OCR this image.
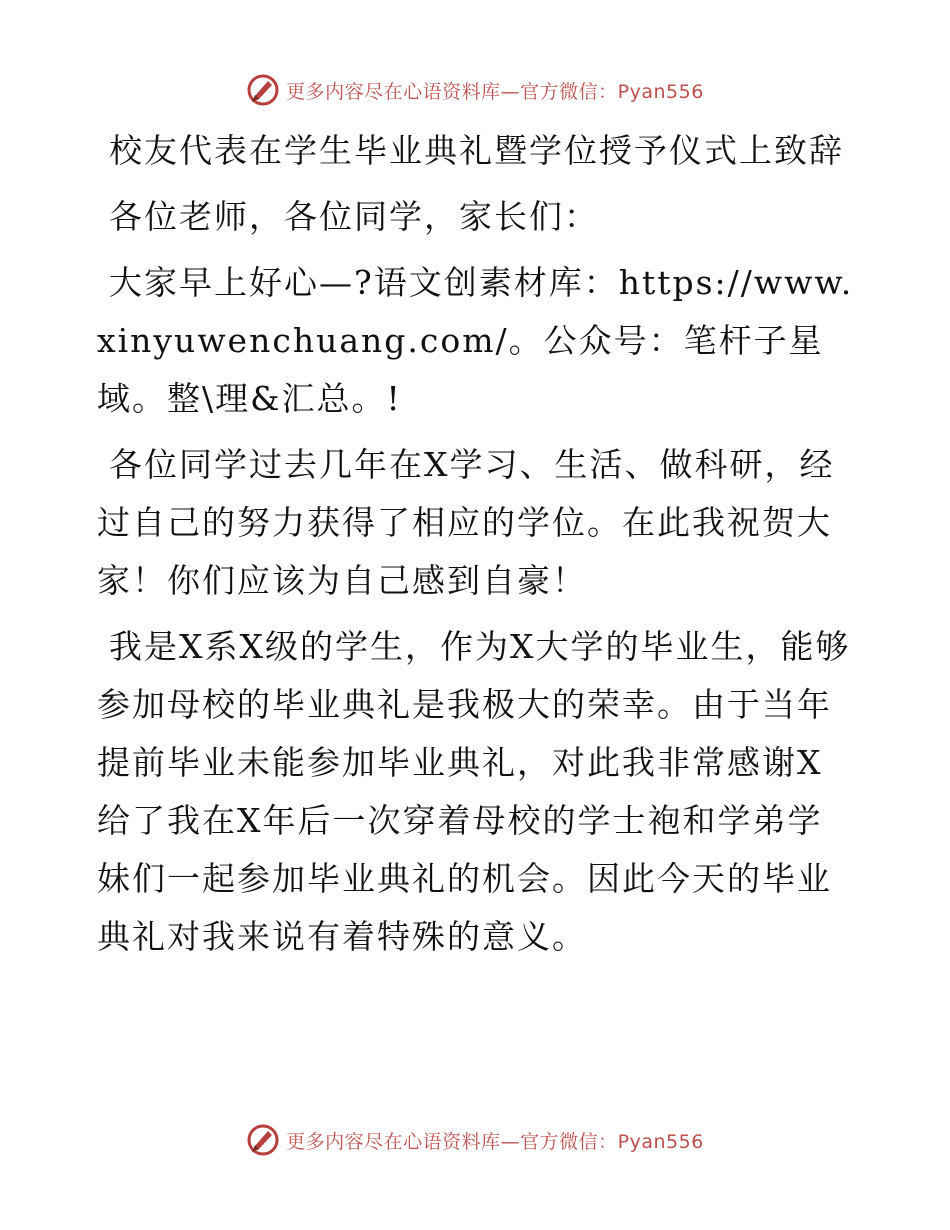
更多内容尽在心语资料库—官方微信：Pyan556

校友代表在学生毕业典礼暨学位授予仪式上致辞

各位老师，各位同学，家长们：

大家早上好心—?语文创素材库：https://www.xinyuwenchuang.com/。公众号：笔杆子星域。整\理&汇总。!

各位同学过去几年在X学习、生活、做科研，经过自己的努力获得了相应的学位。在此我祝贺大家！你们应该为自己感到自豪！

我是X系X级的学生，作为X大学的毕业生，能够参加母校的毕业典礼是我极大的荣幸。由于当年提前毕业未能参加毕业典礼，对此我非常感谢X给了我在X年后一次穿着母校的学士袍和学弟学妹们一起参加毕业典礼的机会。因此今天的毕业典礼对我来说有着特殊的意义。

更多内容尽在心语资料库—官方微信：Pyan556
